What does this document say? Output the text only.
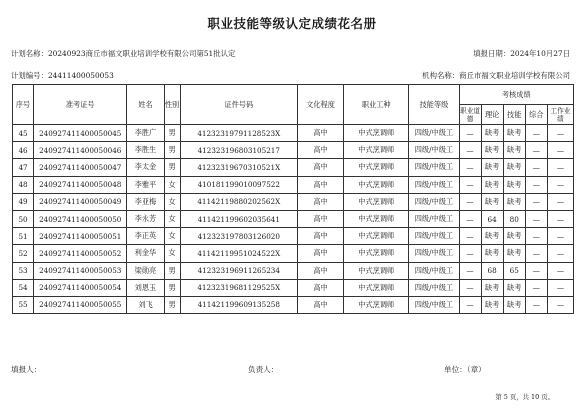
职业技能等级认定成绩花名册
计划名称：20240923商丘市福文职业培训学校有限公司第51批认定	填报日期：2024年10月27日
计划编号：24411400050053	机构名称：商丘市福文职业培训学校有限公司
序号	准考证号	姓名	性别	证件号码	文化程度	职业工种	技能等级	考核成绩				
								职业道德	理论	技能	综合	工作业绩
45	240927411400050045	李胜广	男	41232319791128523X	高中	中式烹调师	四级/中级工	—	缺考	缺考	—	—
46	240927411400050046	李胜生	男	412323196803105217	高中	中式烹调师	四级/中级工	—	缺考	缺考	—	—
47	240927411400050047	李太金	男	41232319670310521X	高中	中式烹调师	四级/中级工	—	缺考	缺考	—	—
48	240927411400050048	李雅平	女	410181199010097522	高中	中式烹调师	四级/中级工	—	缺考	缺考	—	—
49	240927411400050049	李亚梅	女	41142119880202562X	高中	中式烹调师	四级/中级工	—	缺考	缺考	—	—
50	240927411400050050	李永芳	女	411421199602035641	高中	中式烹调师	四级/中级工	—	64	80	—	—
51	240927411400050051	李正英	女	412323197803126020	高中	中式烹调师	四级/中级工	—	缺考	缺考	—	—
52	240927411400050052	利金华	女	41142119951024522X	高中	中式烹调师	四级/中级工	—	缺考	缺考	—	—
53	240927411400050053	梁勋亮	男	412323196911265234	高中	中式烹调师	四级/中级工	—	68	65	—	—
54	240927411400050054	刘恩玉	男	41232319681129525X	高中	中式烹调师	四级/中级工	—	缺考	缺考	—	—
55	240927411400050055	刘飞	男	411421199609135258	高中	中式烹调师	四级/中级工	—	缺考	缺考	—	—
填报人：	负责人：	单位：（章）
第 5 页，共 10 页。
